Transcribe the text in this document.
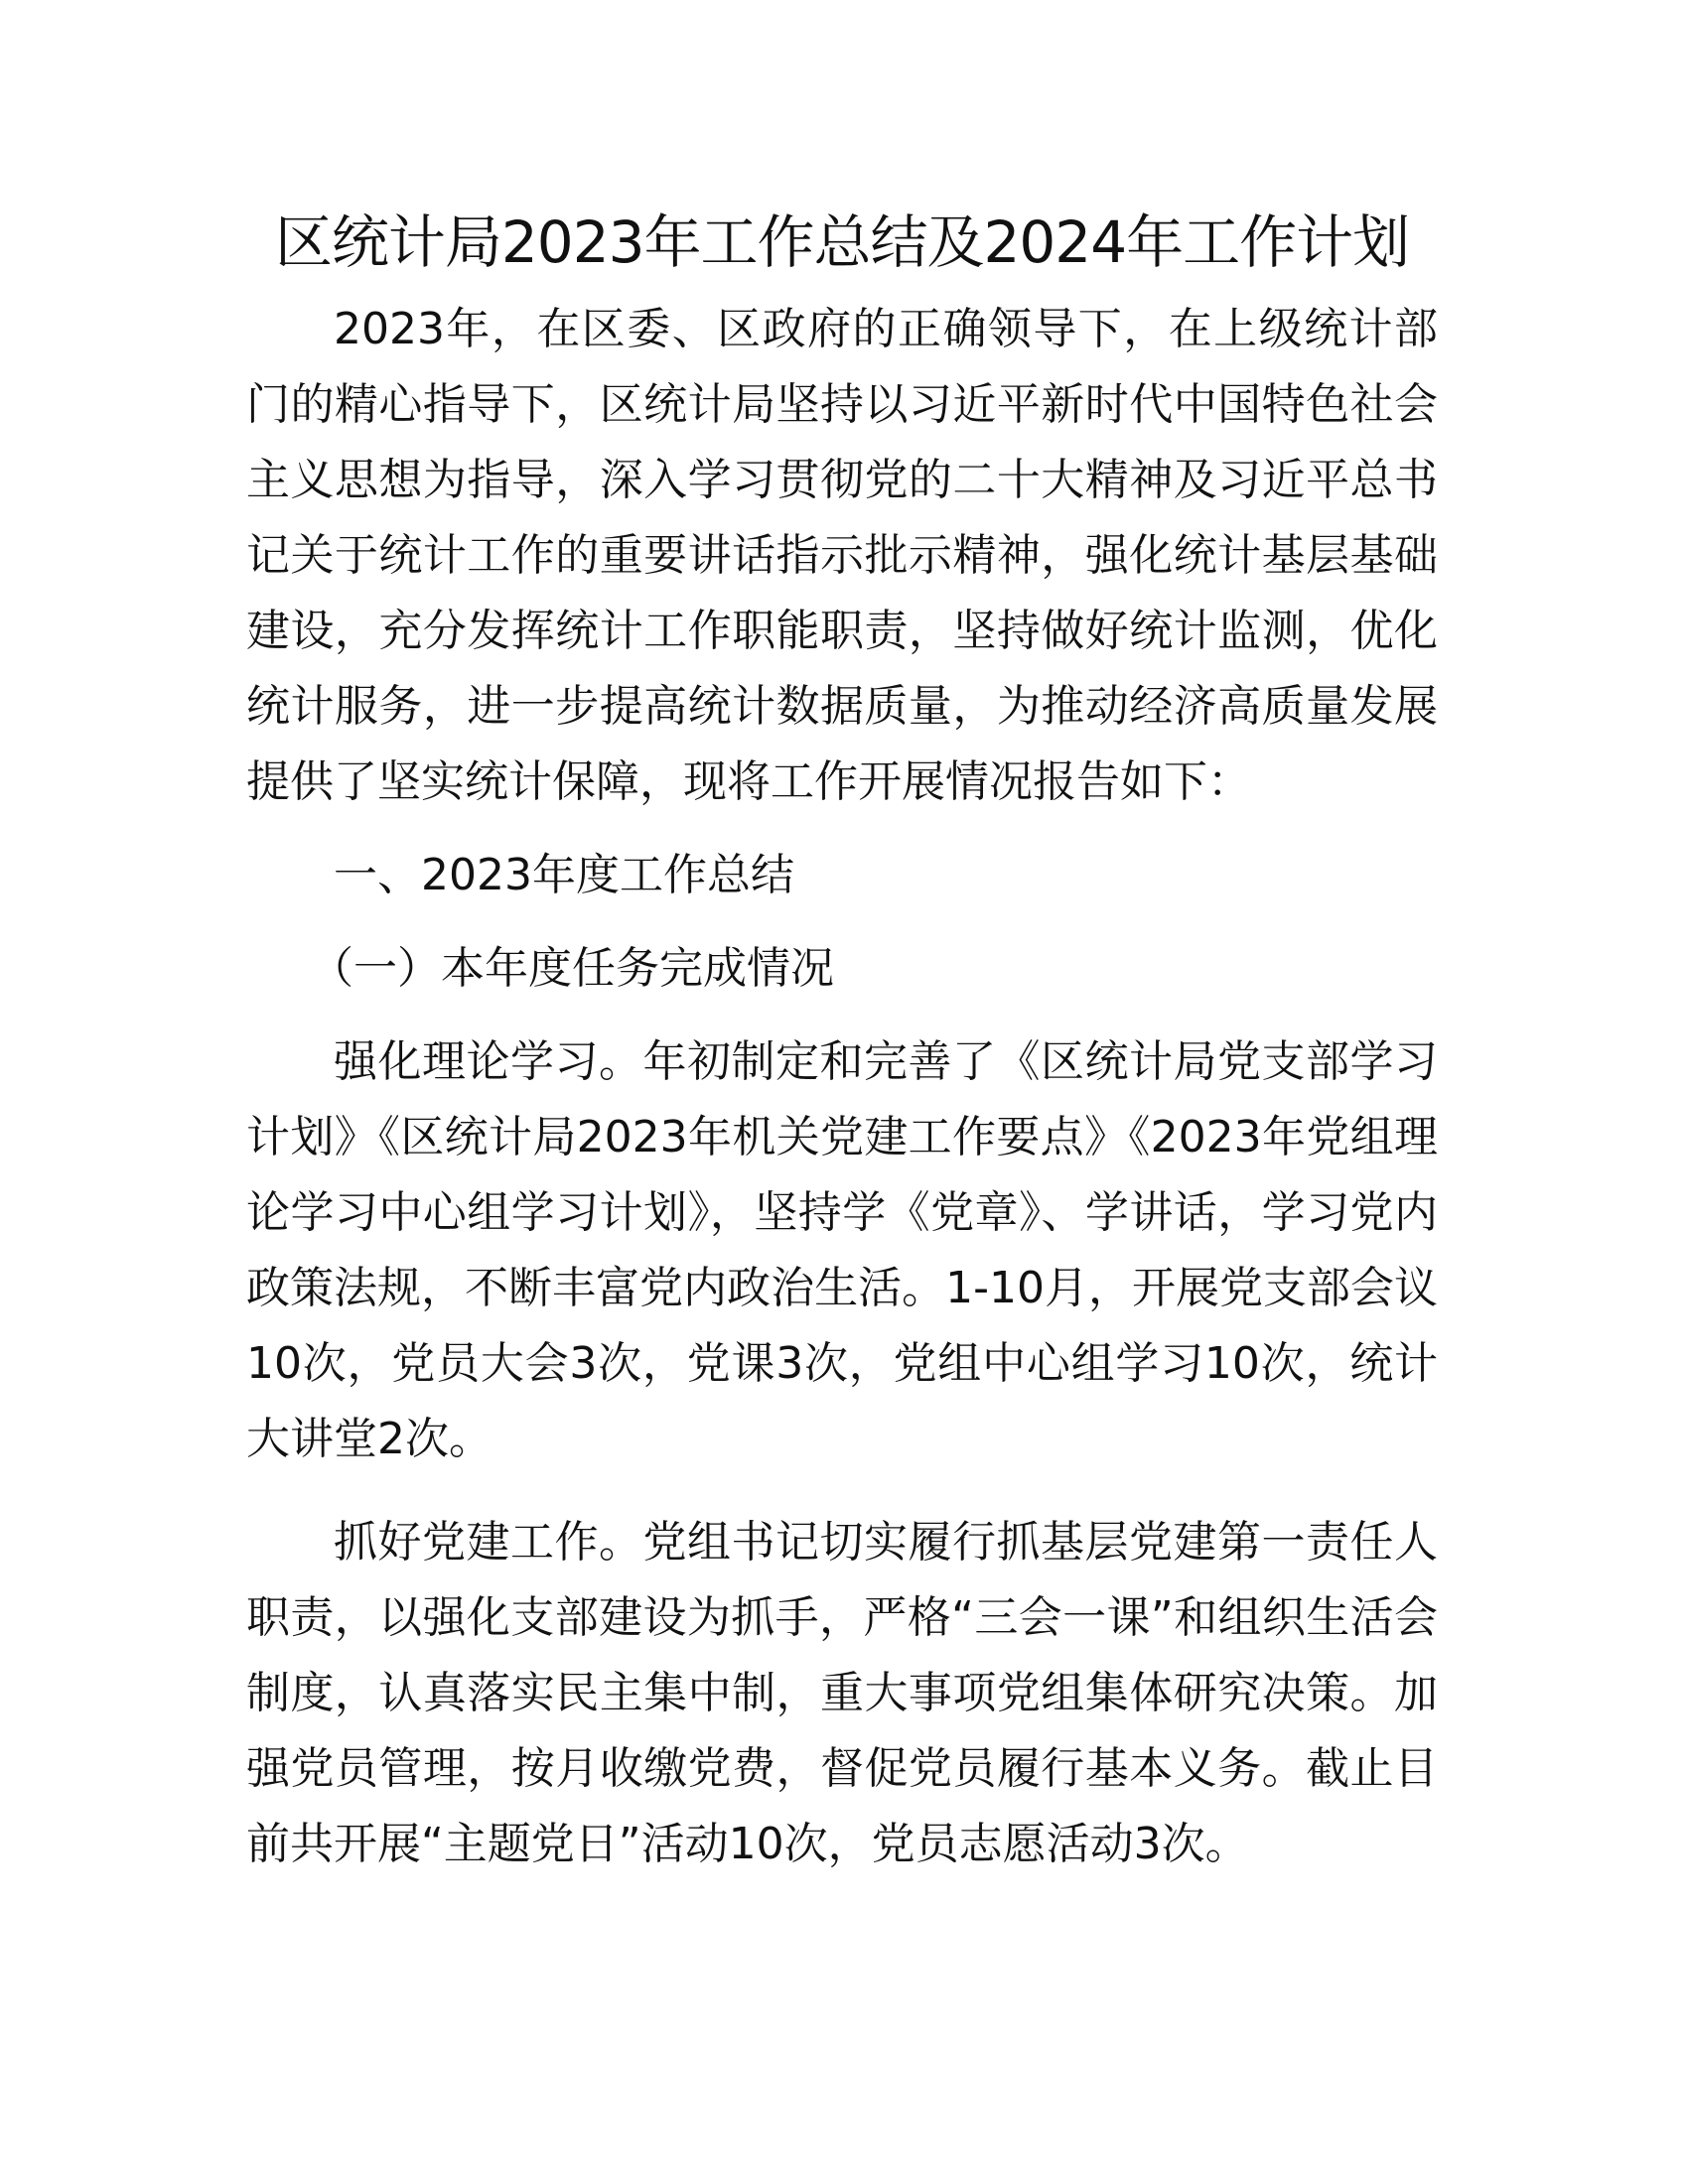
区统计局2023年工作总结及2024年工作计划

2023年，在区委、区政府的正确领导下，在上级统计部门的精心指导下，区统计局坚持以习近平新时代中国特色社会主义思想为指导，深入学习贯彻党的二十大精神及习近平总书记关于统计工作的重要讲话指示批示精神，强化统计基层基础建设，充分发挥统计工作职能职责，坚持做好统计监测，优化统计服务，进一步提高统计数据质量，为推动经济高质量发展提供了坚实统计保障，现将工作开展情况报告如下：

一、2023年度工作总结

（一）本年度任务完成情况

强化理论学习。年初制定和完善了《区统计局党支部学习计划》《区统计局2023年机关党建工作要点》《2023年党组理论学习中心组学习计划》，坚持学《党章》、学讲话，学习党内政策法规，不断丰富党内政治生活。1-10月，开展党支部会议10次，党员大会3次，党课3次，党组中心组学习10次，统计大讲堂2次。

抓好党建工作。党组书记切实履行抓基层党建第一责任人职责，以强化支部建设为抓手，严格“三会一课”和组织生活会制度，认真落实民主集中制，重大事项党组集体研究决策。加强党员管理，按月收缴党费，督促党员履行基本义务。截止目前共开展“主题党日”活动10次，党员志愿活动3次。
